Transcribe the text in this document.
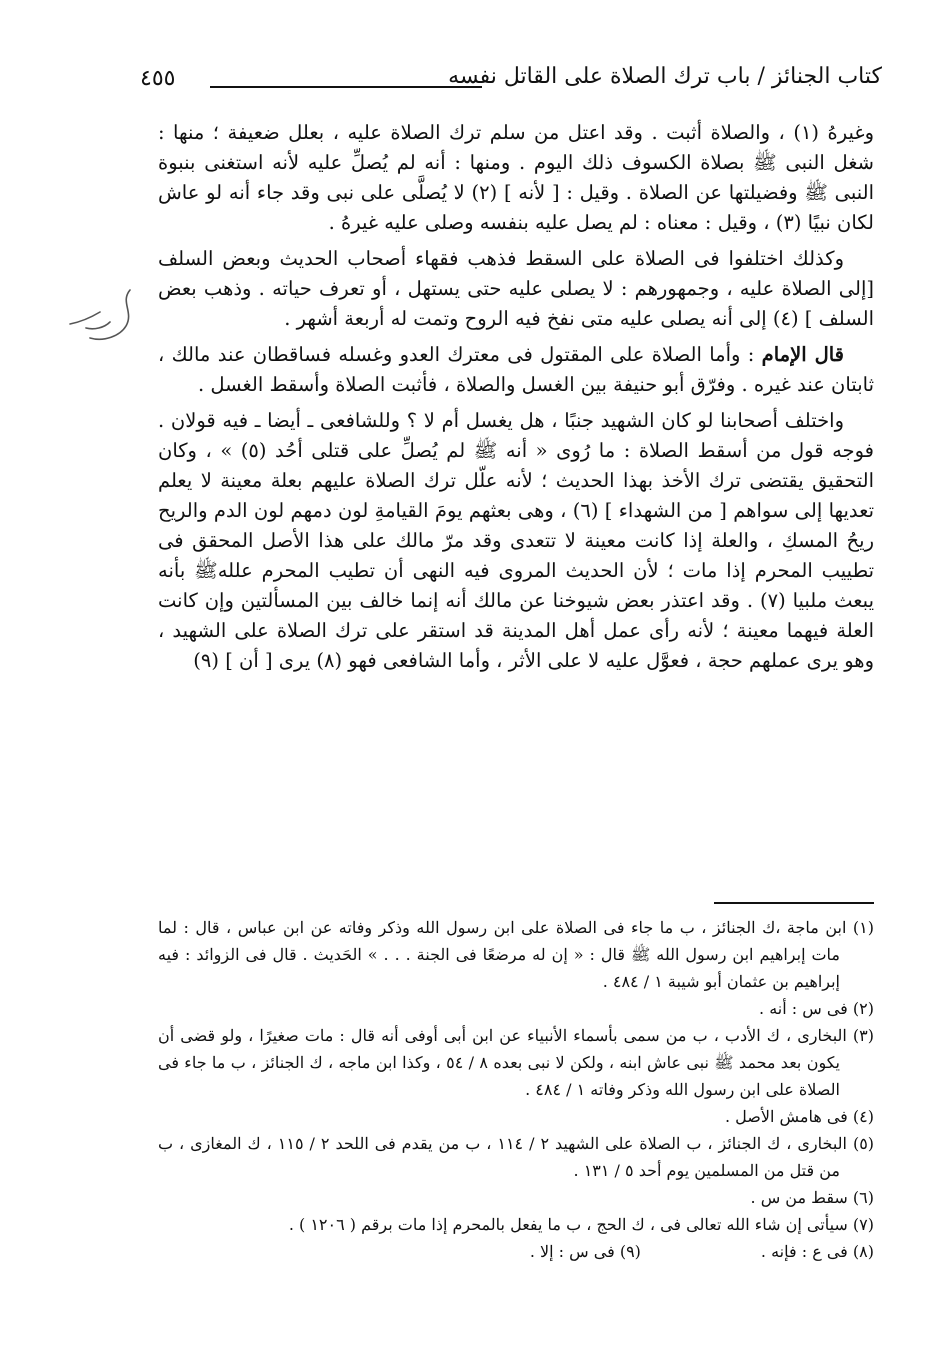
كتاب الجنائز / باب ترك الصلاة على القاتل نفسه
٤٥٥

وغيرهُ (١) ، والصلاة أثبت . وقد اعتل من سلم ترك الصلاة عليه ، بعلل ضعيفة ؛ منها : شغل النبى ﷺ بصلاة الكسوف ذلك اليوم . ومنها : أنه لم يُصلِّ عليه لأنه استغنى بنبوة النبى ﷺ وفضيلتها عن الصلاة . وقيل : [ لأنه ] (٢) لا يُصلَّى على نبى وقد جاء أنه لو عاش لكان نبيًا (٣) ، وقيل : معناه : لم يصل عليه بنفسه وصلى عليه غيرهُ .

وكذلك اختلفوا فى الصلاة على السقط فذهب فقهاء أصحاب الحديث وبعض السلف [إلى الصلاة عليه ، وجمهورهم : لا يصلى عليه حتى يستهل ، أو تعرف حياته . وذهب بعض السلف ] (٤) إلى أنه يصلى عليه متى نفخ فيه الروح وتمت له أربعة أشهر .

قال الإمام : وأما الصلاة على المقتول فى معترك العدو وغسله فساقطان عند مالك ، ثابتان عند غيره . وفرّق أبو حنيفة بين الغسل والصلاة ، فأثبت الصلاة وأسقط الغسل .

واختلف أصحابنا لو كان الشهيد جنبًا ، هل يغسل أم لا ؟ وللشافعى ـ أيضا ـ فيه قولان . فوجه قول من أسقط الصلاة : ما رُوى « أنه ﷺ لم يُصلِّ على قتلى أحُد (٥) » ، وكان التحقيق يقتضى ترك الأخذ بهذا الحديث ؛ لأنه علّل ترك الصلاة عليهم بعلة معينة لا يعلم تعديها إلى سواهم [ من الشهداء ] (٦) ، وهى بعثهم يومَ القيامةِ لون دمهم لون الدم والريح ريحُ المسكِ ، والعلة إذا كانت معينة لا تتعدى وقد مرّ مالك على هذا الأصل المحقق فى تطييب المحرم إذا مات ؛ لأن الحديث المروى فيه النهى أن تطيب المحرم عللهﷺ بأنه يبعث ملبيا (٧) . وقد اعتذر بعض شيوخنا عن مالك أنه إنما خالف بين المسألتين وإن كانت العلة فيهما معينة ؛ لأنه رأى عمل أهل المدينة قد استقر على ترك الصلاة على الشهيد ، وهو يرى عملهم حجة ، فعوَّل عليه لا على الأثر ، وأما الشافعى فهو (٨) يرى [ أن ] (٩)

(١) ابن ماجة ،ك الجنائز ، ب ما جاء فى الصلاة على ابن رسول الله وذكر وفاته عن ابن عباس ، قال : لما مات إبراهيم ابن رسول الله ﷺ قال : « إن له مرضعًا فى الجنة . . . » الحَديث . قال فى الزوائد : فيه إبراهيم بن عثمان أبو شيبة ١ / ٤٨٤ .

(٢) فى س : أنه .

(٣) البخارى ، ك الأدب ، ب من سمى بأسماء الأنبياء عن ابن أبى أوفى أنه قال : مات صغيرًا ، ولو قضى أن يكون بعد محمد ﷺ نبى عاش ابنه ، ولكن لا نبى بعده ٨ / ٥٤ ، وكذا ابن ماجه ، ك الجنائز ، ب ما جاء فى الصلاة على ابن رسول الله وذكر وفاته ١ / ٤٨٤ .

(٤) فى هامش الأصل .

(٥) البخارى ، ك الجنائز ، ب الصلاة على الشهيد ٢ / ١١٤ ، ب من يقدم فى اللحد ٢ / ١١٥ ، ك المغازى ، ب من قتل من المسلمين يوم أحد ٥ / ١٣١ .

(٦) سقط من س .

(٧) سيأتى إن شاء الله تعالى فى ، ك الحج ، ب ما يفعل بالمحرم إذا مات برقم ( ١٢٠٦ ) .

(٨) فى ع : فإنه .
(٩) فى س : إلا .
